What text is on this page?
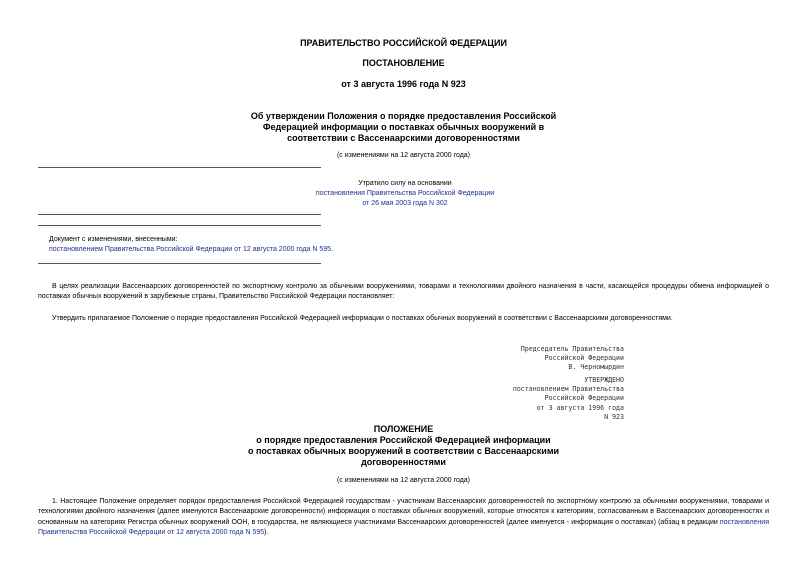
ПРАВИТЕЛЬСТВО РОССИЙСКОЙ ФЕДЕРАЦИИ
ПОСТАНОВЛЕНИЕ
от 3 августа 1996 года N 923
Об утверждении Положения о порядке предоставления Российской
Федерацией информации о поставках обычных вооружений в
соответствии с Вассенаарскими договоренностями
(с изменениями на 12 августа 2000 года)
Утратило силу на основании
постановления Правительства Российской Федерации
от 26 мая 2003 года N 302
Документ с изменениями, внесенными:
постановлением Правительства Российской Федерации от 12 августа 2000 года N 595.
В целях реализации Вассенаарских договоренностей по экспортному контролю за обычными вооружениями, товарами и технологиями двойного назначения в части, касающейся процедуры обмена информацией о поставках обычных вооружений в зарубежные страны, Правительство Российской Федерации постановляет:
Утвердить прилагаемое Положение о порядке предоставления Российской Федерацией информации о поставках обычных вооружений в соответствии с Вассенаарскими договоренностями.
Председатель Правительства
Российской Федерации
В. Черномырдин
УТВЕРЖДЕНО
постановлением Правительства
Российской Федерации
от 3 августа 1996 года
N 923
ПОЛОЖЕНИЕ
о порядке предоставления Российской Федерацией информации
о поставках обычных вооружений в соответствии с Вассенаарскими
договоренностями
(с изменениями на 12 августа 2000 года)
1. Настоящее Положение определяет порядок предоставления Российской Федерацией государствам - участникам Вассенаарских договоренностей по экспортному контролю за обычными вооружениями, товарами и технологиями двойного назначения (далее именуются Вассенаарские договоренности) информации о поставках обычных вооружений, которые относятся к категориям, согласованным в Вассенаарских договоренностях и основанным на категориях Регистра обычных вооружений ООН, в государства, не являющиеся участниками Вассенаарских договоренностей (далее именуется - информация о поставках) (абзац в редакции постановления Правительства Российской Федерации от 12 августа 2000 года N 595).
